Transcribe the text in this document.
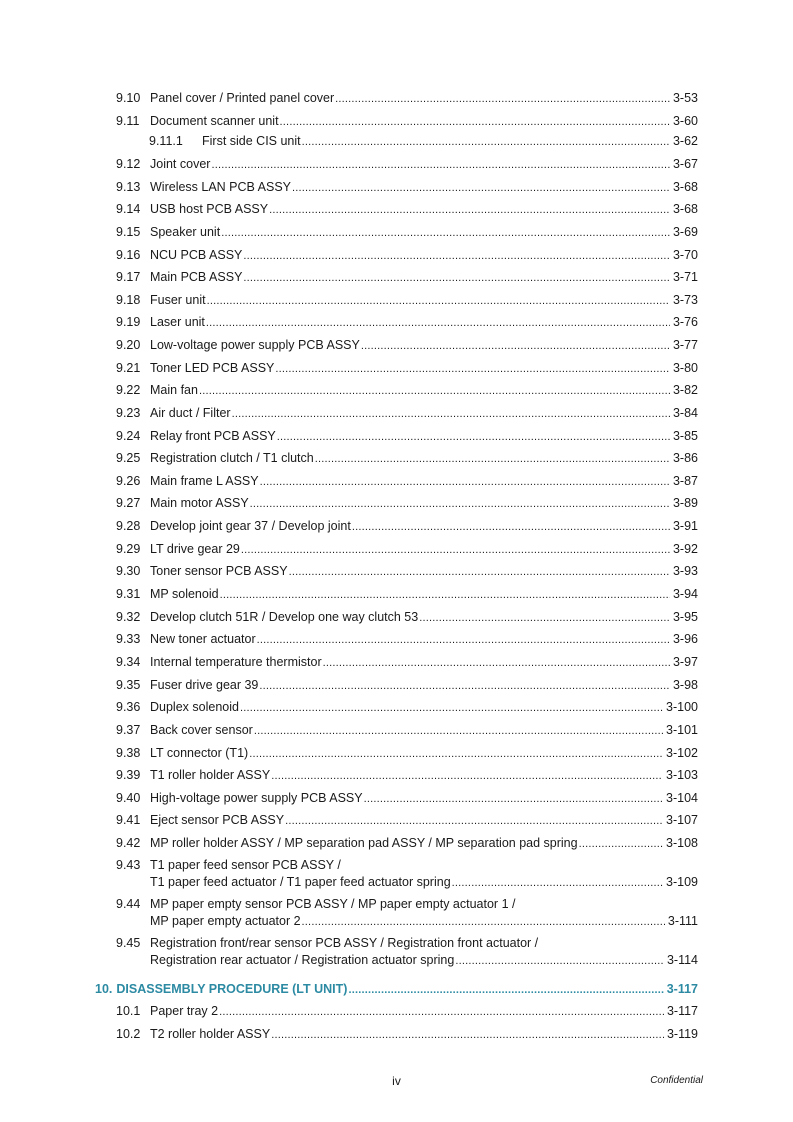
9.10 Panel cover / Printed panel cover .....	3-53
9.11 Document scanner unit .....	3-60
9.11.1	First side CIS unit .....	3-62
9.12 Joint cover .....	3-67
9.13 Wireless LAN PCB ASSY .....	3-68
9.14 USB host PCB ASSY .....	3-68
9.15 Speaker unit .....	3-69
9.16 NCU PCB ASSY .....	3-70
9.17 Main PCB ASSY .....	3-71
9.18 Fuser unit .....	3-73
9.19 Laser unit .....	3-76
9.20 Low-voltage power supply PCB ASSY .....	3-77
9.21 Toner LED PCB ASSY .....	3-80
9.22 Main fan .....	3-82
9.23 Air duct / Filter .....	3-84
9.24 Relay front PCB ASSY .....	3-85
9.25 Registration clutch / T1 clutch .....	3-86
9.26 Main frame L ASSY .....	3-87
9.27 Main motor ASSY .....	3-89
9.28 Develop joint gear 37 / Develop joint .....	3-91
9.29 LT drive gear 29 .....	3-92
9.30 Toner sensor PCB ASSY .....	3-93
9.31 MP solenoid .....	3-94
9.32 Develop clutch 51R / Develop one way clutch 53 .....	3-95
9.33 New toner actuator .....	3-96
9.34 Internal temperature thermistor .....	3-97
9.35 Fuser drive gear 39 .....	3-98
9.36 Duplex solenoid .....	3-100
9.37 Back cover sensor .....	3-101
9.38 LT connector (T1) .....	3-102
9.39 T1 roller holder ASSY .....	3-103
9.40 High-voltage power supply PCB ASSY .....	3-104
9.41 Eject sensor PCB ASSY .....	3-107
9.42 MP roller holder ASSY / MP separation pad ASSY / MP separation pad spring .....	3-108
9.43 T1 paper feed sensor PCB ASSY /
T1 paper feed actuator / T1 paper feed actuator spring .....	3-109
9.44 MP paper empty sensor PCB ASSY / MP paper empty actuator 1 /
MP paper empty actuator 2 .....	3-111
9.45 Registration front/rear sensor PCB ASSY / Registration front actuator /
Registration rear actuator / Registration actuator spring .....	3-114
10. DISASSEMBLY PROCEDURE (LT UNIT) .....	3-117
10.1 Paper tray 2 .....	3-117
10.2 T2 roller holder ASSY .....	3-119
iv	Confidential
